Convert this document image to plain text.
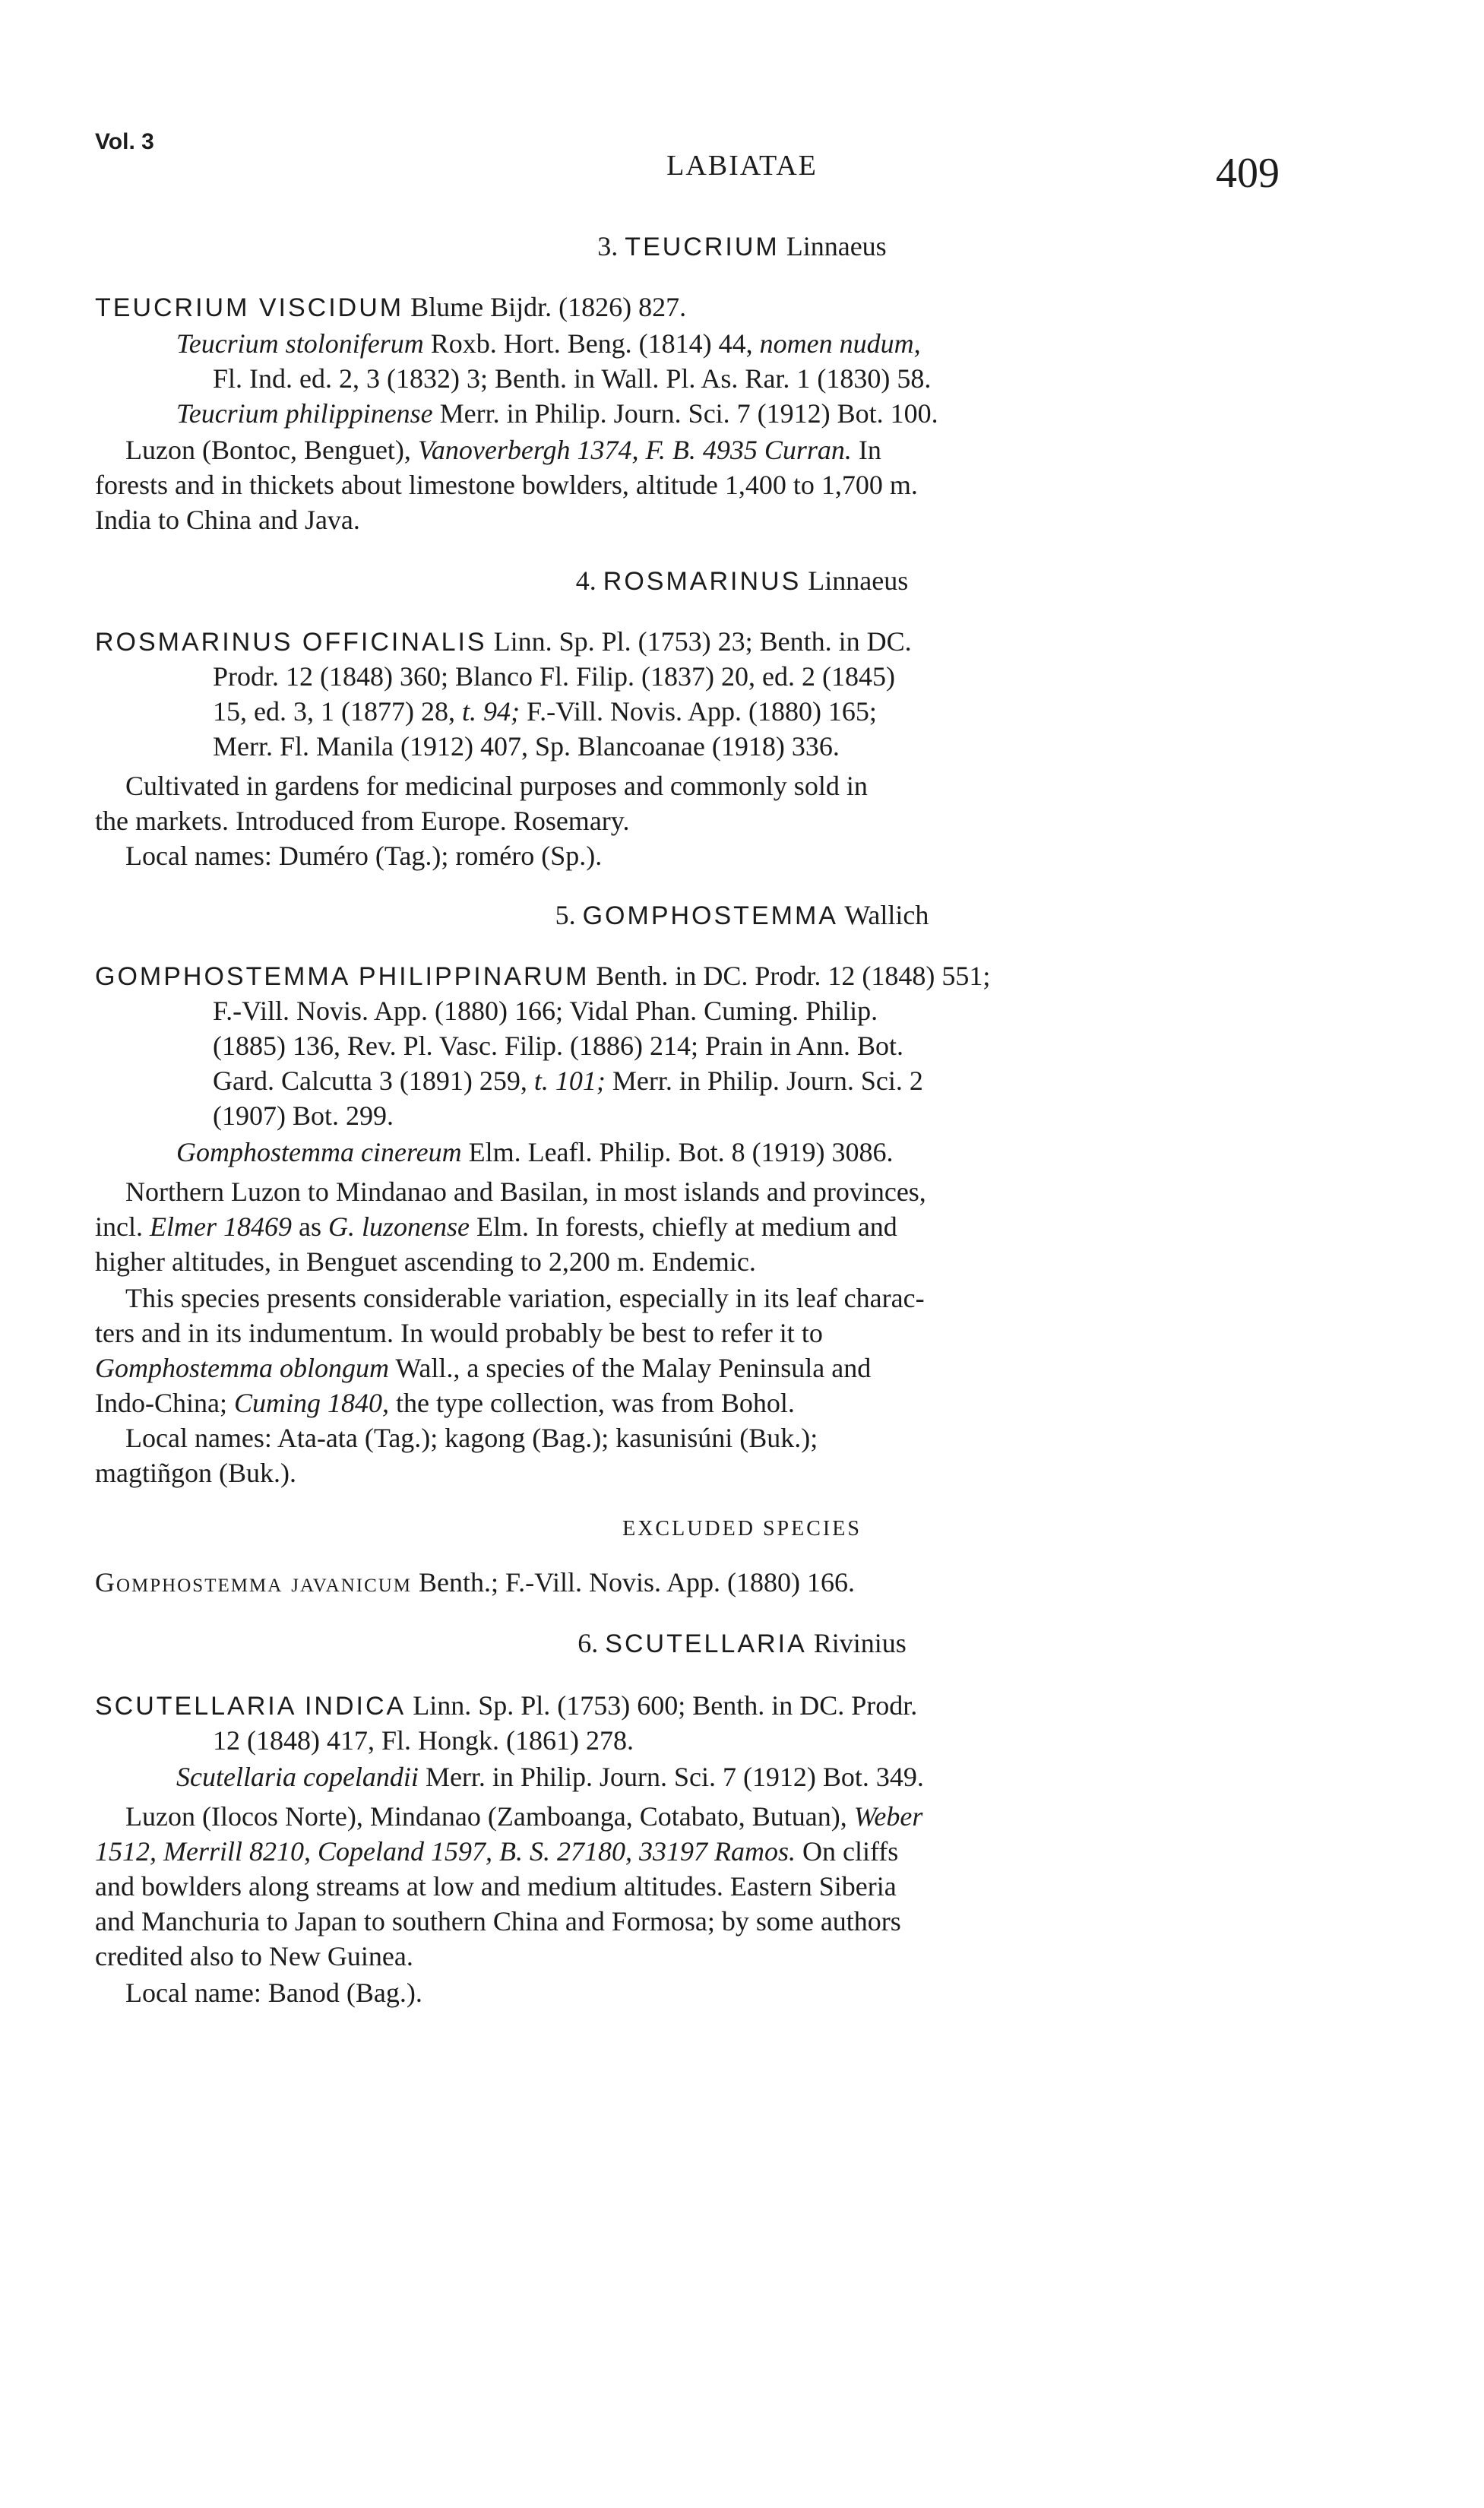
Vol. 3
LABIATAE	409
3. TEUCRIUM Linnaeus
TEUCRIUM VISCIDUM Blume Bijdr. (1826) 827.
Teucrium stoloniferum Roxb. Hort. Beng. (1814) 44, nomen nudum,
Fl. Ind. ed. 2, 3 (1832) 3; Benth. in Wall. Pl. As. Rar. 1 (1830) 58.
Teucrium philippinense Merr. in Philip. Journ. Sci. 7 (1912) Bot. 100.
Luzon (Bontoc, Benguet), Vanoverbergh 1374, F. B. 4935 Curran. In
forests and in thickets about limestone bowlders, altitude 1,400 to 1,700 m.
India to China and Java.
4. ROSMARINUS Linnaeus
ROSMARINUS OFFICINALIS Linn. Sp. Pl. (1753) 23; Benth. in DC.
Prodr. 12 (1848) 360; Blanco Fl. Filip. (1837) 20, ed. 2 (1845)
15, ed. 3, 1 (1877) 28, t. 94; F.-Vill. Novis. App. (1880) 165;
Merr. Fl. Manila (1912) 407, Sp. Blancoanae (1918) 336.
Cultivated in gardens for medicinal purposes and commonly sold in
the markets. Introduced from Europe. Rosemary.
Local names: Duméro (Tag.); roméro (Sp.).
5. GOMPHOSTEMMA Wallich
GOMPHOSTEMMA PHILIPPINARUM Benth. in DC. Prodr. 12 (1848) 551;
F.-Vill. Novis. App. (1880) 166; Vidal Phan. Cuming. Philip.
(1885) 136, Rev. Pl. Vasc. Filip. (1886) 214; Prain in Ann. Bot.
Gard. Calcutta 3 (1891) 259, t. 101; Merr. in Philip. Journ. Sci. 2
(1907) Bot. 299.
Gomphostemma cinereum Elm. Leafl. Philip. Bot. 8 (1919) 3086.
Northern Luzon to Mindanao and Basilan, in most islands and provinces,
incl. Elmer 18469 as G. luzonense Elm. In forests, chiefly at medium and
higher altitudes, in Benguet ascending to 2,200 m. Endemic.
This species presents considerable variation, especially in its leaf charac-
ters and in its indumentum. In would probably be best to refer it to
Gomphostemma oblongum Wall., a species of the Malay Peninsula and
Indo-China; Cuming 1840, the type collection, was from Bohol.
Local names: Ata-ata (Tag.); kagong (Bag.); kasunisúni (Buk.);
magtiñgon (Buk.).
EXCLUDED SPECIES
Gomphostemma javanicum Benth.; F.-Vill. Novis. App. (1880) 166.
6. SCUTELLARIA Rivinius
SCUTELLARIA INDICA Linn. Sp. Pl. (1753) 600; Benth. in DC. Prodr.
12 (1848) 417, Fl. Hongk. (1861) 278.
Scutellaria copelandii Merr. in Philip. Journ. Sci. 7 (1912) Bot. 349.
Luzon (Ilocos Norte), Mindanao (Zamboanga, Cotabato, Butuan), Weber
1512, Merrill 8210, Copeland 1597, B. S. 27180, 33197 Ramos. On cliffs
and bowlders along streams at low and medium altitudes. Eastern Siberia
and Manchuria to Japan to southern China and Formosa; by some authors
credited also to New Guinea.
Local name: Banod (Bag.).
